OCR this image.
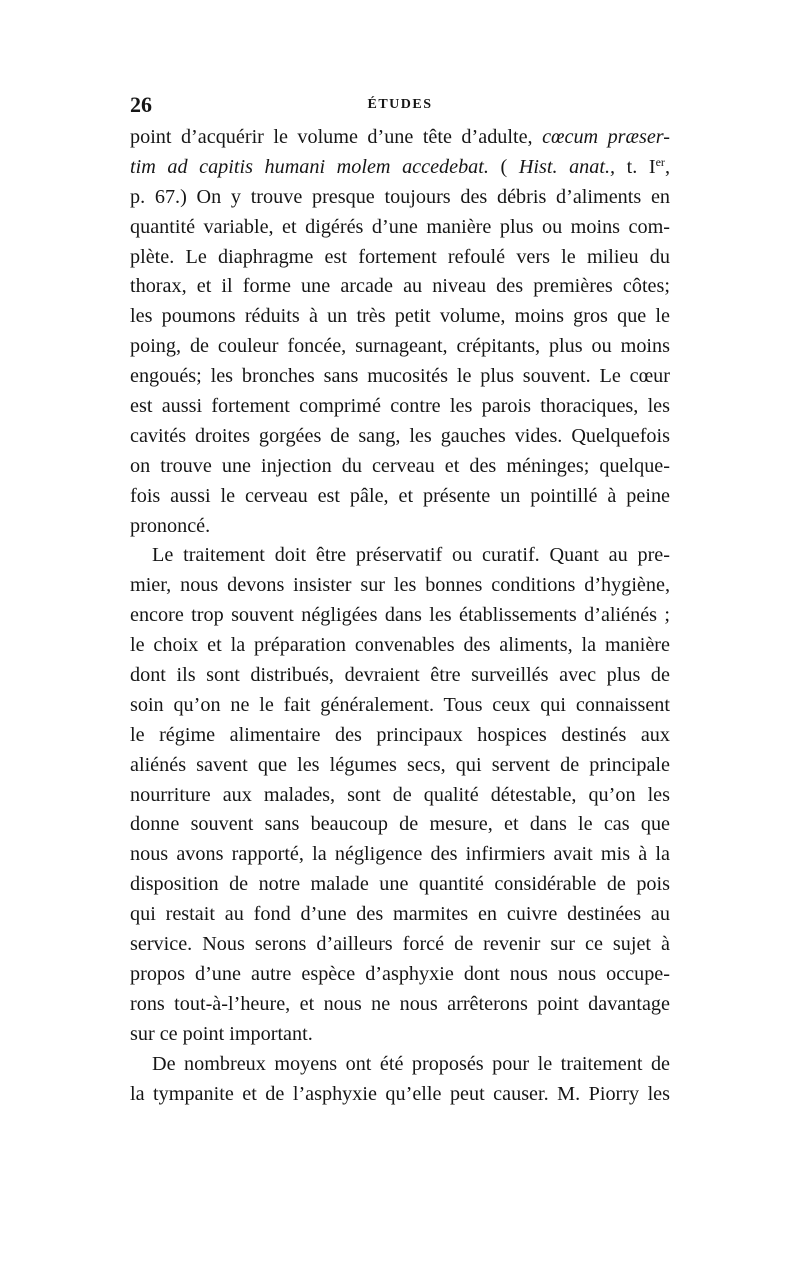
26	ÉTUDES
point d’acquérir le volume d’une tête d’adulte, cœcum præser-
tim ad capitis humani molem accedebat. ( Hist. anat., t. Ier,
p. 67.) On y trouve presque toujours des débris d’aliments en
quantité variable, et digérés d’une manière plus ou moins com-
plète. Le diaphragme est fortement refoulé vers le milieu du
thorax, et il forme une arcade au niveau des premières côtes;
les poumons réduits à un très petit volume, moins gros que le
poing, de couleur foncée, surnageant, crépitants, plus ou moins
engoués; les bronches sans mucosités le plus souvent. Le cœur
est aussi fortement comprimé contre les parois thoraciques, les
cavités droites gorgées de sang, les gauches vides. Quelquefois
on trouve une injection du cerveau et des méninges; quelque-
fois aussi le cerveau est pâle, et présente un pointillé à peine
prononcé.
Le traitement doit être préservatif ou curatif. Quant au pre-
mier, nous devons insister sur les bonnes conditions d’hygiène,
encore trop souvent négligées dans les établissements d’aliénés ;
le choix et la préparation convenables des aliments, la manière
dont ils sont distribués, devraient être surveillés avec plus de
soin qu’on ne le fait généralement. Tous ceux qui connaissent
le régime alimentaire des principaux hospices destinés aux
aliénés savent que les légumes secs, qui servent de principale
nourriture aux malades, sont de qualité détestable, qu’on les
donne souvent sans beaucoup de mesure, et dans le cas que
nous avons rapporté, la négligence des infirmiers avait mis à la
disposition de notre malade une quantité considérable de pois
qui restait au fond d’une des marmites en cuivre destinées au
service. Nous serons d’ailleurs forcé de revenir sur ce sujet à
propos d’une autre espèce d’asphyxie dont nous nous occupe-
rons tout-à-l’heure, et nous ne nous arrêterons point davantage
sur ce point important.
De nombreux moyens ont été proposés pour le traitement de
la tympanite et de l’asphyxie qu’elle peut causer. M. Piorry les
